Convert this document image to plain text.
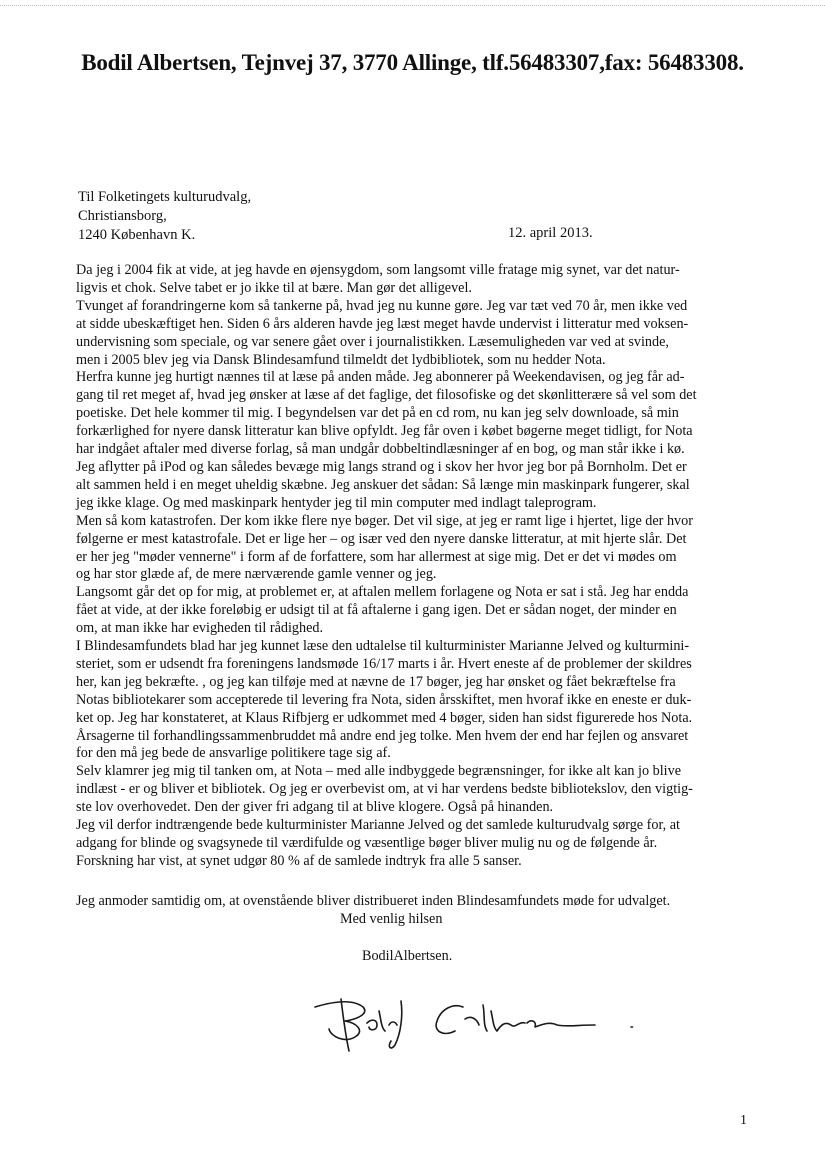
Bodil Albertsen, Tejnvej 37, 3770 Allinge, tlf.56483307,fax: 56483308.
Til Folketingets kulturudvalg,
Christiansborg,
1240 København K.	12. april 2013.
Da jeg i 2004 fik at vide, at jeg havde en øjensygdom, som langsomt ville fratage mig synet, var det natur-
ligvis et chok. Selve tabet er jo ikke til at bære. Man gør det alligevel.
Tvunget af forandringerne kom så tankerne på, hvad jeg nu kunne gøre. Jeg var tæt ved 70 år, men ikke ved
at sidde ubeskæftiget hen. Siden 6 års alderen havde jeg læst meget havde undervist i litteratur med voksen-
undervisning som speciale, og var senere gået over i journalistikken. Læsemuligheden var ved at svinde,
men i 2005 blev jeg via Dansk Blindesamfund tilmeldt det lydbibliotek, som nu hedder Nota.
Herfra kunne jeg hurtigt nænnes til at læse på anden måde. Jeg abonnerer på Weekendavisen, og jeg får ad-
gang til ret meget af, hvad jeg ønsker at læse af det faglige, det filosofiske og det skønlitterære så vel som det
poetiske. Det hele kommer til mig. I begyndelsen var det på en cd rom, nu kan jeg selv downloade, så min
forkærlighed for nyere dansk litteratur kan blive opfyldt. Jeg får oven i købet bøgerne meget tidligt, for Nota
har indgået aftaler med diverse forlag, så man undgår dobbeltindlæsninger af en bog, og man står ikke i kø.
Jeg aflytter på iPod og kan således bevæge mig langs strand og i skov her hvor jeg bor på Bornholm. Det er
alt sammen held i en meget uheldig skæbne. Jeg anskuer det sådan: Så længe min maskinpark fungerer, skal
jeg ikke klage. Og med maskinpark hentyder jeg til min computer med indlagt taleprogram.
Men så kom katastrofen. Der kom ikke flere nye bøger. Det vil sige, at jeg er ramt lige i hjertet, lige der hvor
følgerne er mest katastrofale. Det er lige her – og især ved den nyere danske litteratur, at mit hjerte slår. Det
er her jeg "møder vennerne" i form af de forfattere, som har allermest at sige mig. Det er det vi mødes om
og har stor glæde af, de mere nærværende gamle venner og jeg.
Langsomt går det op for mig, at problemet er, at aftalen mellem forlagene og Nota er sat i stå. Jeg har endda
fået at vide, at der ikke foreløbig er udsigt til at få aftalerne i gang igen. Det er sådan noget, der minder en
om, at man ikke har evigheden til rådighed.
I Blindesamfundets blad har jeg kunnet læse den udtalelse til kulturminister Marianne Jelved og kulturmini-
steriet, som er udsendt fra foreningens landsmøde 16/17 marts i år. Hvert eneste af de problemer der skildres
her, kan jeg bekræfte. , og jeg kan tilføje med at nævne de 17 bøger, jeg har ønsket og fået bekræftelse fra
Notas bibliotekarer som accepterede til levering fra Nota, siden årsskiftet, men hvoraf ikke en eneste er duk-
ket op. Jeg har konstateret, at Klaus Rifbjerg er udkommet med 4 bøger, siden han sidst figurerede hos Nota.
Årsagerne til forhandlingssammenbruddet må andre end jeg tolke. Men hvem der end har fejlen og ansvaret
for den må jeg bede de ansvarlige politikere tage sig af.
Selv klamrer jeg mig til tanken om, at Nota – med alle indbyggede begrænsninger, for ikke alt kan jo blive
indlæst - er og bliver et bibliotek. Og jeg er overbevist om, at vi har verdens bedste bibliotekslov, den vigtig-
ste lov overhovedet. Den der giver fri adgang til at blive klogere. Også på hinanden.
Jeg vil derfor indtrængende bede kulturminister Marianne Jelved og det samlede kulturudvalg sørge for, at
adgang for blinde og svagsynede til værdifulde og væsentlige bøger bliver mulig nu og de følgende år.
Forskning har vist, at synet udgør 80 % af de samlede indtryk fra alle 5 sanser.
Jeg anmoder samtidig om, at ovenstående bliver distribueret inden Blindesamfundets møde for udvalget.
Med venlig hilsen
BodilAlbertsen.
1
